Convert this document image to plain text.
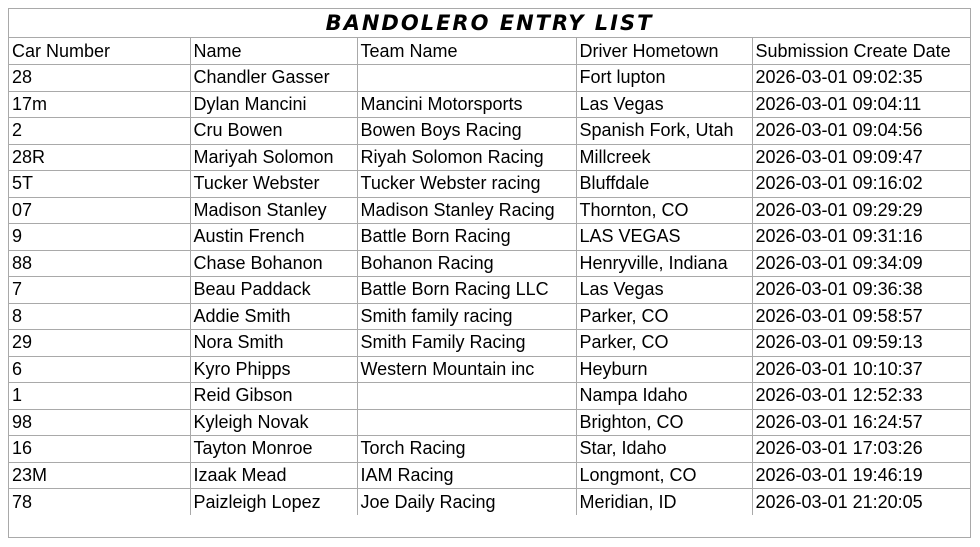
BANDOLERO ENTRY LIST
Car Number	Name	Team Name	Driver Hometown	Submission Create Date
28	Chandler Gasser		Fort lupton	2026-03-01 09:02:35
17m	Dylan Mancini	Mancini Motorsports	Las Vegas	2026-03-01 09:04:11
2	Cru Bowen	Bowen Boys Racing	Spanish Fork, Utah	2026-03-01 09:04:56
28R	Mariyah Solomon	Riyah Solomon Racing	Millcreek	2026-03-01 09:09:47
5T	Tucker Webster	Tucker Webster racing	Bluffdale	2026-03-01 09:16:02
07	Madison Stanley	Madison Stanley Racing	Thornton, CO	2026-03-01 09:29:29
9	Austin French	Battle Born Racing	LAS VEGAS	2026-03-01 09:31:16
88	Chase Bohanon	Bohanon Racing	Henryville, Indiana	2026-03-01 09:34:09
7	Beau Paddack	Battle Born Racing LLC	Las Vegas	2026-03-01 09:36:38
8	Addie Smith	Smith family racing	Parker, CO	2026-03-01 09:58:57
29	Nora Smith	Smith Family Racing	Parker, CO	2026-03-01 09:59:13
6	Kyro Phipps	Western Mountain inc	Heyburn	2026-03-01 10:10:37
1	Reid Gibson		Nampa Idaho	2026-03-01 12:52:33
98	Kyleigh Novak		Brighton, CO	2026-03-01 16:24:57
16	Tayton Monroe	Torch Racing	Star, Idaho	2026-03-01 17:03:26
23M	Izaak Mead	IAM Racing	Longmont, CO	2026-03-01 19:46:19
78	Paizleigh Lopez	Joe Daily Racing	Meridian, ID	2026-03-01 21:20:05
